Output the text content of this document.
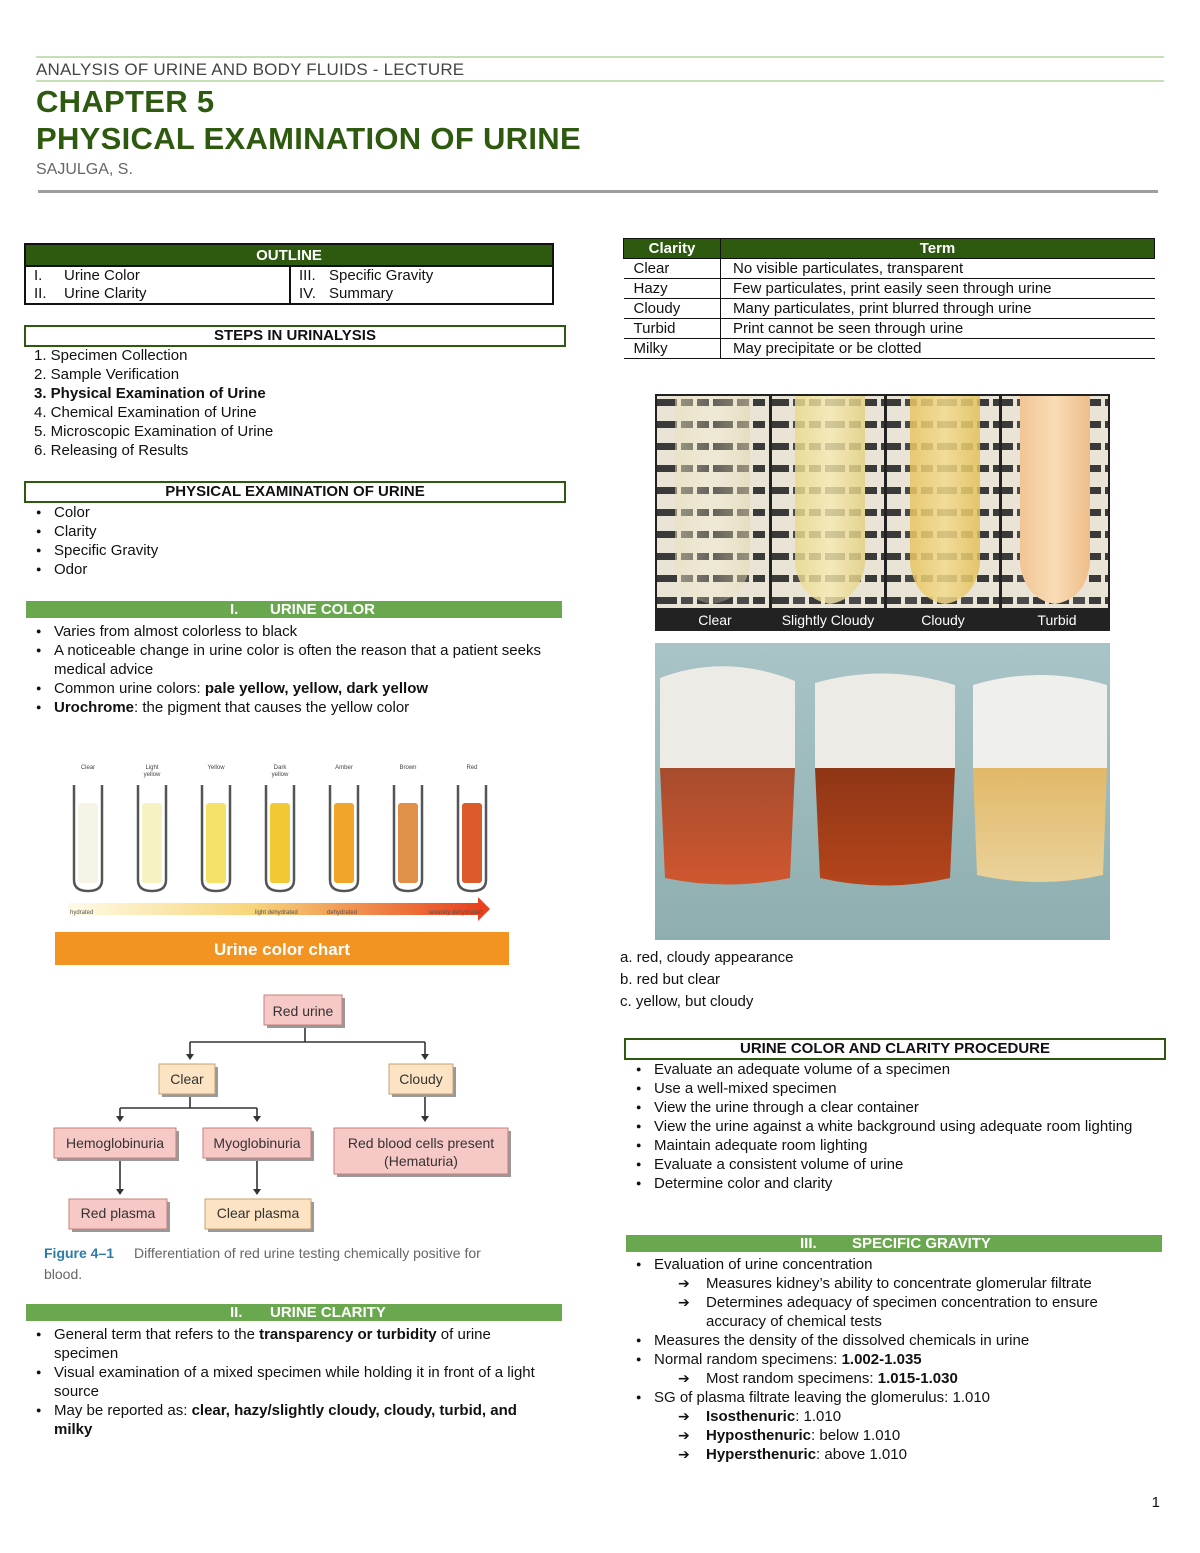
ANALYSIS OF URINE AND BODY FLUIDS - LECTURE
CHAPTER 5
PHYSICAL EXAMINATION OF URINE
SAJULGA, S.
OUTLINE	
I. Urine Color	III. Specific Gravity
II. Urine Clarity	IV. Summary
STEPS IN URINALYSIS
1. Specimen Collection
2. Sample Verification
3. Physical Examination of Urine
4. Chemical Examination of Urine
5. Microscopic Examination of Urine
6. Releasing of Results
PHYSICAL EXAMINATION OF URINE
● Color
● Clarity
● Specific Gravity
● Odor
I. URINE COLOR
● Varies from almost colorless to black
● A noticeable change in urine color is often the reason that a patient seeks medical advice
● Common urine colors: pale yellow, yellow, dark yellow
● Urochrome: the pigment that causes the yellow color
Clear	Light
yellow
Yellow	Dark
yellow
Amber	Brown	Red
hydrated	light dehydrated	dehydrated	severely dehydrated
Urine color chart
Red urine
Clear	Cloudy
Hemoglobinuria	Myoglobinuria	Red blood cells present
(Hematuria)
Red plasma	Clear plasma
Figure 4–1 Differentiation of red urine testing chemically positive for
blood.
II. URINE CLARITY
● General term that refers to the transparency or turbidity of urine specimen
● Visual examination of a mixed specimen while holding it in front of a light source
● May be reported as: clear, hazy/slightly cloudy, cloudy, turbid, and milky
Clarity	Term
Clear	No visible particulates, transparent
Hazy	Few particulates, print easily seen through urine
Cloudy	Many particulates, print blurred through urine
Turbid	Print cannot be seen through urine
Milky	May precipitate or be clotted
Clear	Slightly Cloudy	Cloudy	Turbid
a. red, cloudy appearance
b. red but clear
c. yellow, but cloudy
URINE COLOR AND CLARITY PROCEDURE
● Evaluate an adequate volume of a specimen
● Use a well-mixed specimen
● View the urine through a clear container
● View the urine against a white background using adequate room lighting
● Maintain adequate room lighting
● Evaluate a consistent volume of urine
● Determine color and clarity
III. SPECIFIC GRAVITY
● Evaluation of urine concentration
➔ Measures kidney’s ability to concentrate glomerular filtrate
➔ Determines adequacy of specimen concentration to ensure accuracy of chemical tests
● Measures the density of the dissolved chemicals in urine
● Normal random specimens: 1.002-1.035
➔ Most random specimens: 1.015-1.030
● SG of plasma filtrate leaving the glomerulus: 1.010
➔ Isosthenuric: 1.010
➔ Hyposthenuric: below 1.010
➔ Hypersthenuric: above 1.010
1
